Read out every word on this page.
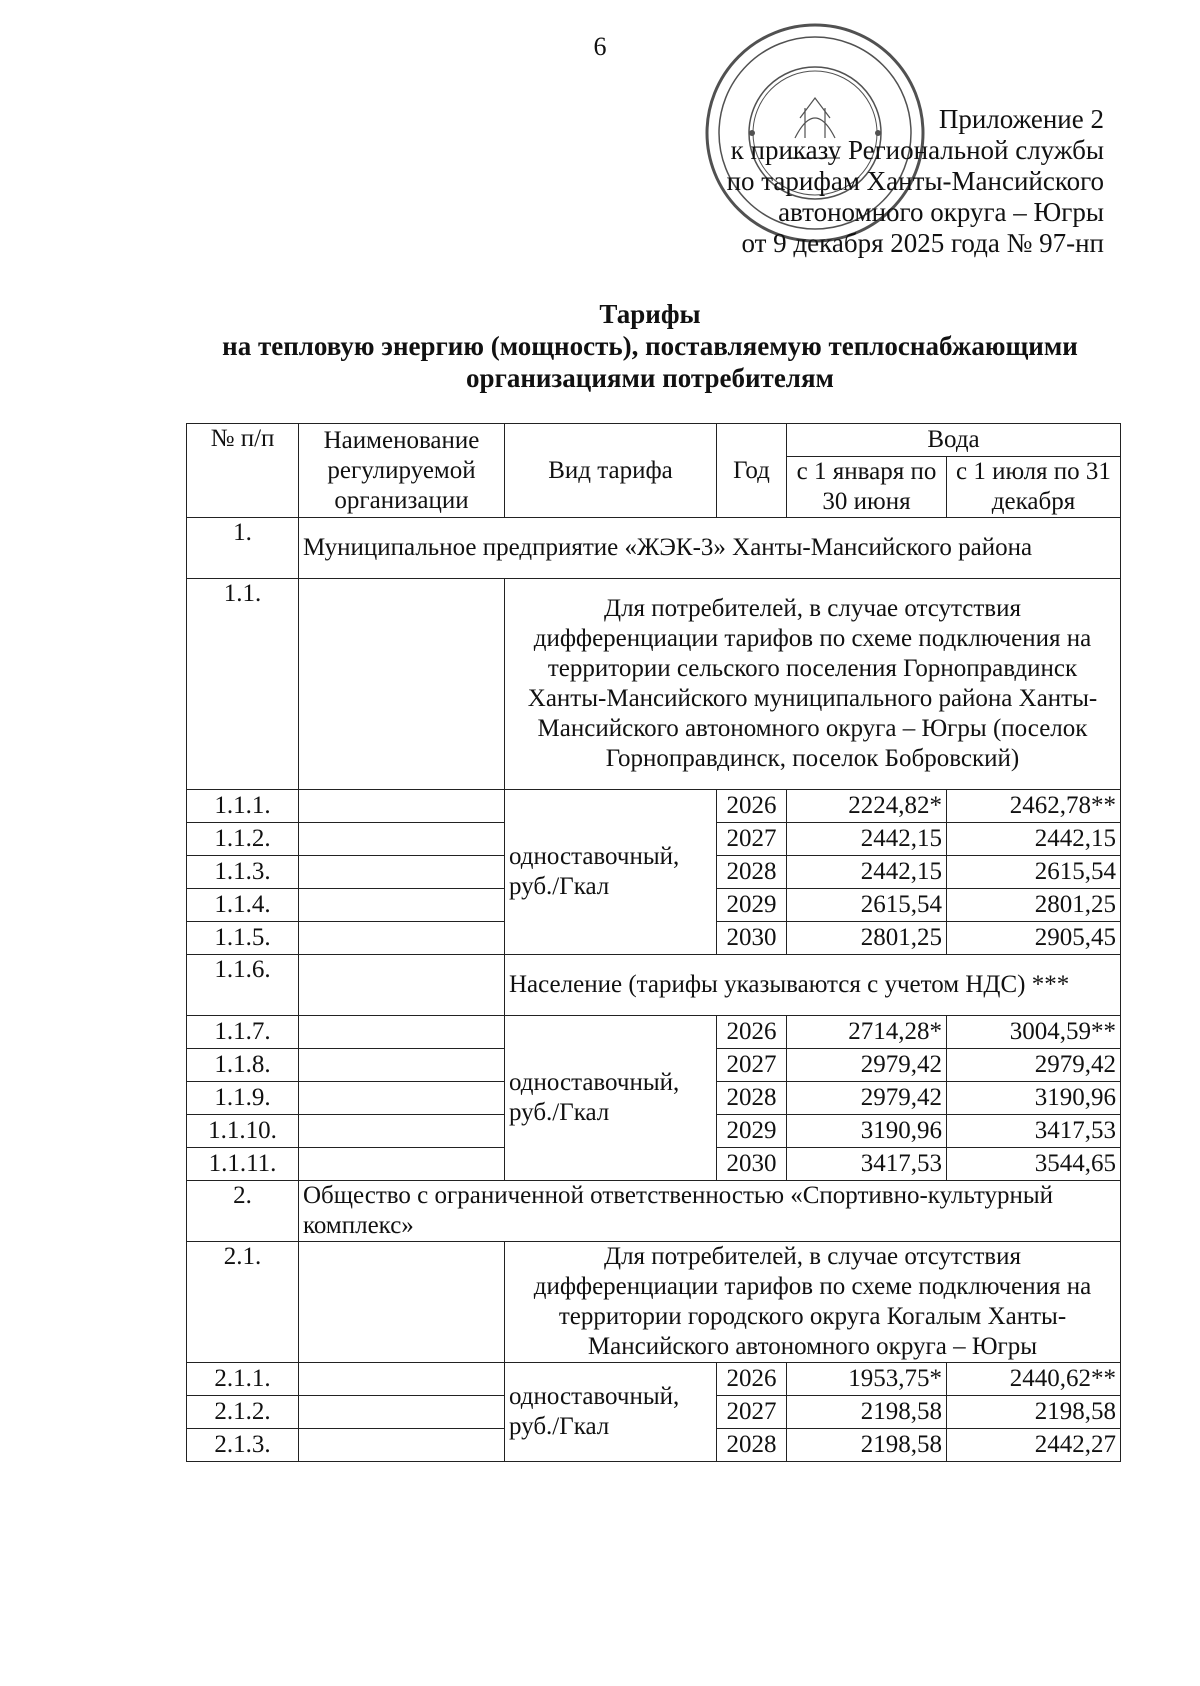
6
Приложение 2
к приказу Региональной службы
по тарифам Ханты-Мансийского
автономного округа – Югры
от 9 декабря 2025 года № 97-нп
Тарифы
на тепловую энергию (мощность), поставляемую теплоснабжающими
организациями потребителям
№ п/п	Наименование регулируемой организации	Вид тарифа	Год	Вода	
				с 1 января по 30 июня	с 1 июля по 31 декабря
1.	Муниципальное предприятие «ЖЭК-3» Ханты-Мансийского района				
1.1.		Для потребителей, в случае отсутствия дифференциации тарифов по схеме подключения на территории сельского поселения Горноправдинск Ханты-Мансийского муниципального района Ханты-Мансийского автономного округа – Югры (поселок Горноправдинск, поселок Бобровский)			
1.1.1.		одноставочный, руб./Гкал	2026	2224,82*	2462,78**
1.1.2.			2027	2442,15	2442,15
1.1.3.			2028	2442,15	2615,54
1.1.4.			2029	2615,54	2801,25
1.1.5.			2030	2801,25	2905,45
1.1.6.		Население (тарифы указываются с учетом НДС) ***			
1.1.7.		одноставочный, руб./Гкал	2026	2714,28*	3004,59**
1.1.8.			2027	2979,42	2979,42
1.1.9.			2028	2979,42	3190,96
1.1.10.			2029	3190,96	3417,53
1.1.11.			2030	3417,53	3544,65
2.	Общество с ограниченной ответственностью «Спортивно-культурный комплекс»				
2.1.		Для потребителей, в случае отсутствия дифференциации тарифов по схеме подключения на территории городского округа Когалым Ханты-Мансийского автономного округа – Югры			
2.1.1.		одноставочный, руб./Гкал	2026	1953,75*	2440,62**
2.1.2.			2027	2198,58	2198,58
2.1.3.			2028	2198,58	2442,27
